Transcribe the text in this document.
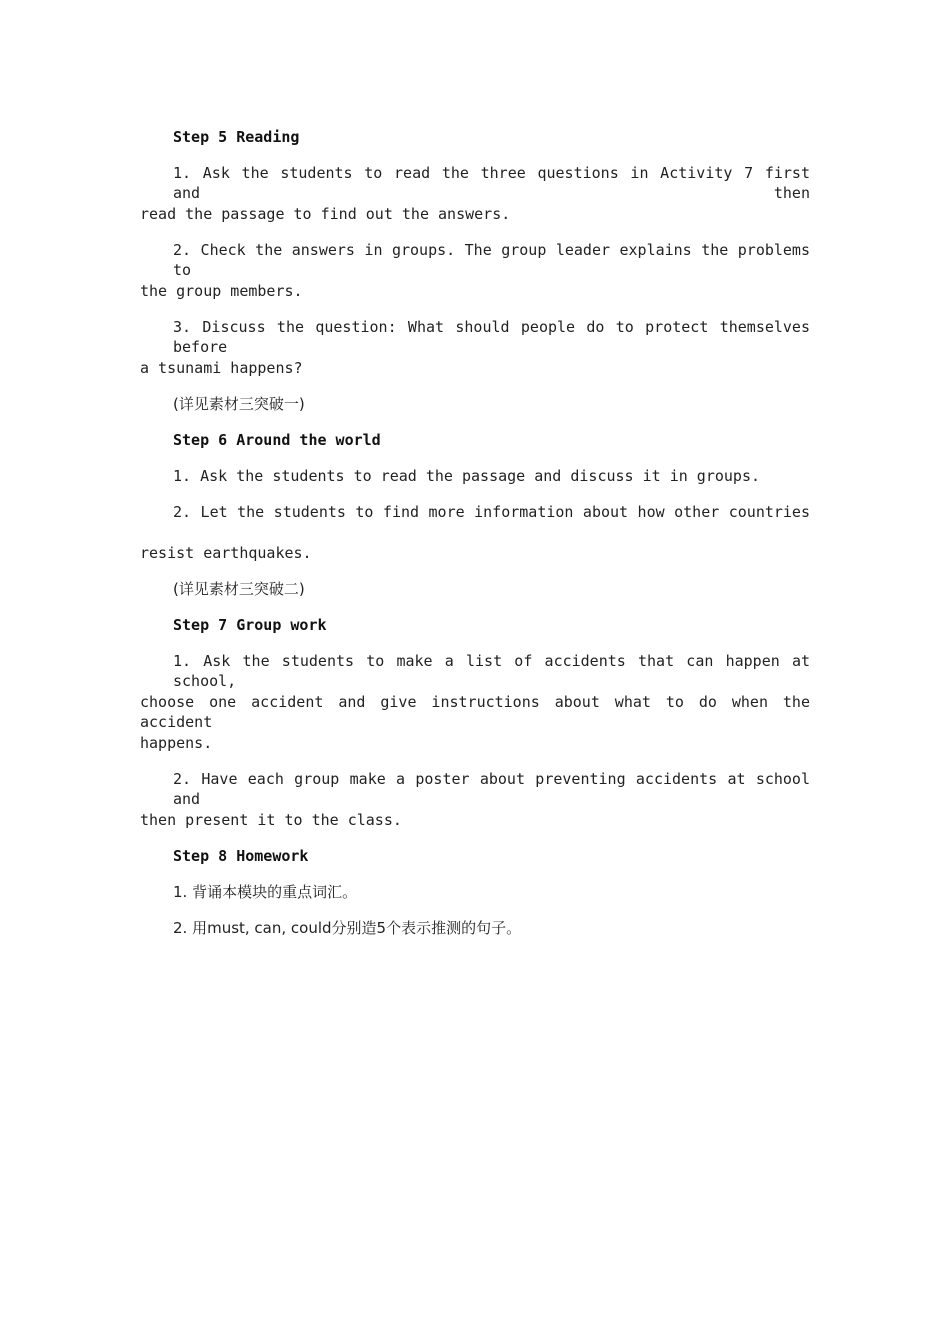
Step 5 Reading
1. Ask the students to read the three questions in Activity 7 first and then
read the passage to find out the answers.
2. Check the answers in groups. The group leader explains the problems to
the group members.
3. Discuss the question: What should people do to protect themselves before
a tsunami happens?
(详见素材三突破一)
Step 6 Around the world
1. Ask the students to read the passage and discuss it in groups.
2. Let the students to find more information about how other countries
resist earthquakes.
(详见素材三突破二)
Step 7 Group work
1. Ask the students to make a list of accidents that can happen at school,
choose one accident and give instructions about what to do when the accident
happens.
2. Have each group make a poster about preventing accidents at school and
then present it to the class.
Step 8 Homework
1. 背诵本模块的重点词汇。
2. 用must, can, could分别造5个表示推测的句子。
